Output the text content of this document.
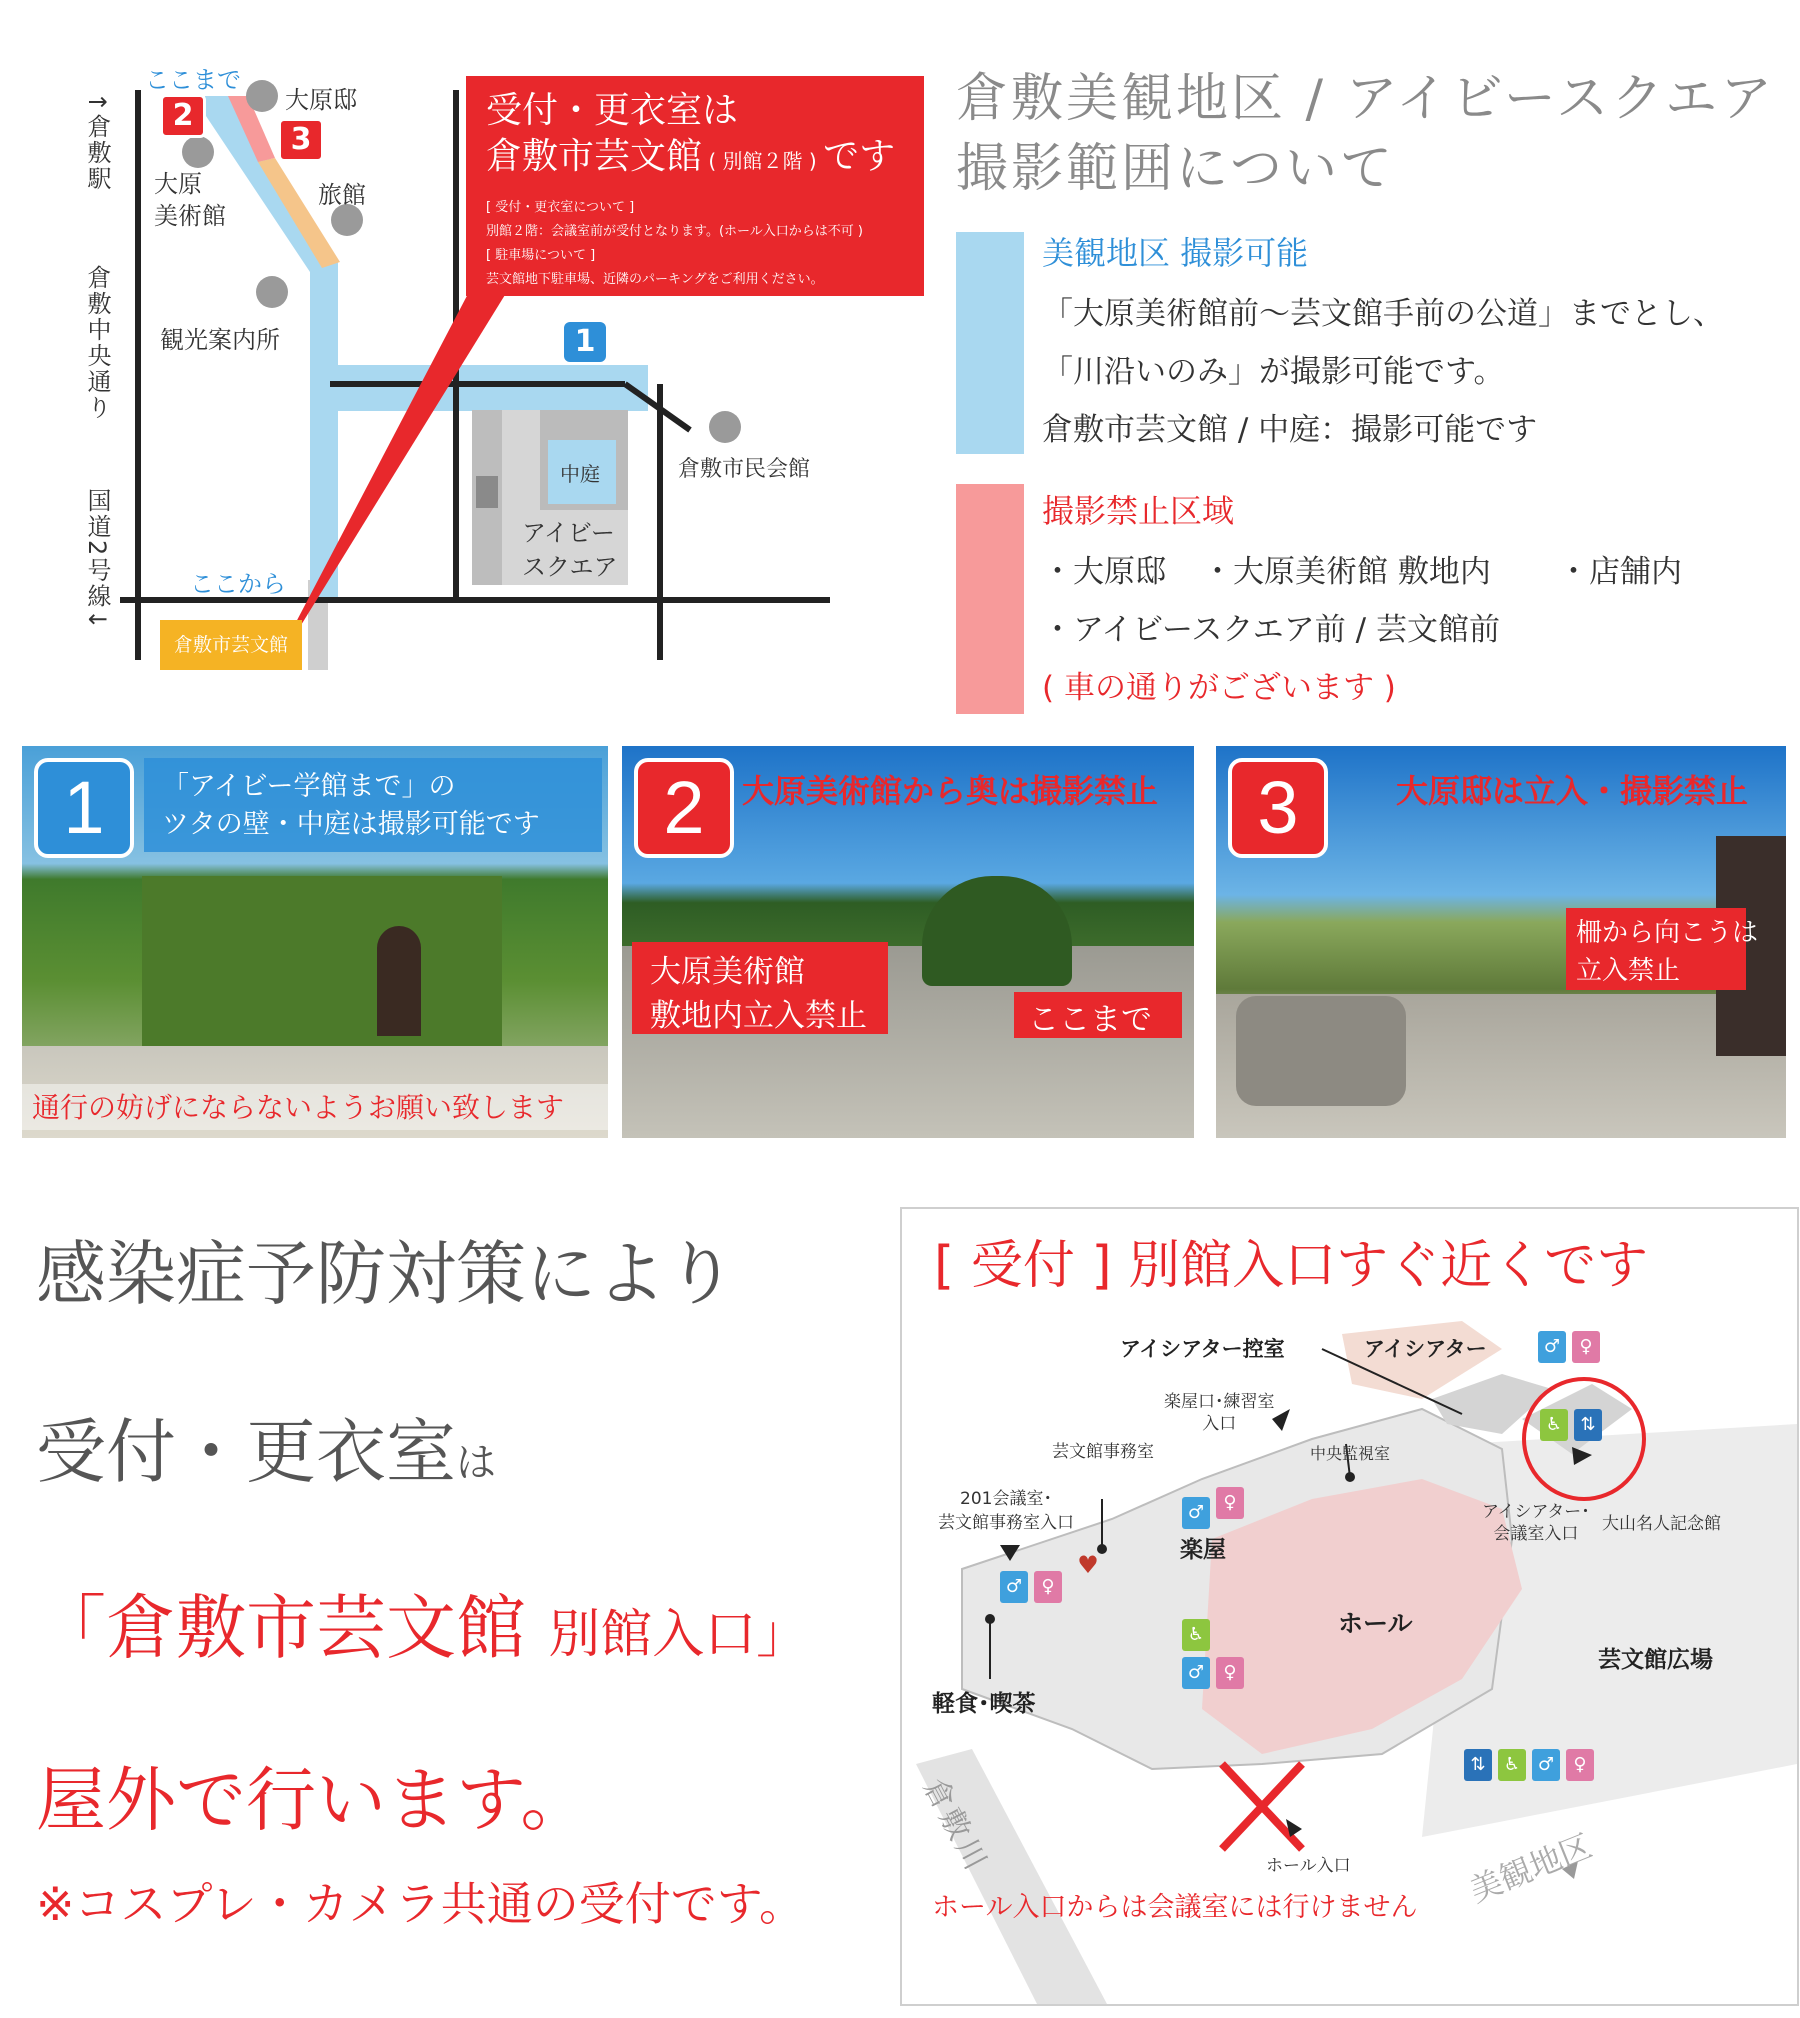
ここまで
2
3
1
大原邸
大原
美術館
旅館
観光案内所
倉敷市民会館
中庭
アイビー
スクエア
ここから
倉敷市芸文館
↑倉敷駅
倉敷中央通り
国道2号線↓
受付・更衣室は
倉敷市芸文館 ( 別館２階 ) です
[ 受付・更衣室について ]
別館２階：会議室前が受付となります。(ホール入口からは不可 )
[ 駐車場について ]
芸文館地下駐車場、近隣のパーキングをご利用ください。
倉敷美観地区 / アイビースクエア
撮影範囲について
美観地区 撮影可能
「大原美術館前〜芸文館手前の公道」までとし、
「川沿いのみ」が撮影可能です。
倉敷市芸文館 / 中庭：撮影可能です
撮影禁止区域
・大原邸 ・大原美術館 敷地内 ・店舗内
・アイビースクエア前 / 芸文館前
( 車の通りがございます )
「アイビー学館まで」の
ツタの壁・中庭は撮影可能です
1
通行の妨げにならないようお願い致します
2	大原美術館から奥は撮影禁止
大原美術館
敷地内立入禁止	ここまで
3	大原邸は立入・撮影禁止
柵から向こうは
立入禁止
感染症予防対策により
受付・更衣室は
「倉敷市芸文館 別館入口」
屋外で行います。
※コスプレ・カメラ共通の受付です。
[ 受付 ] 別館入口すぐ近くです
アイシアター控室	アイシアター
楽屋口･練習室
入口
芸文館事務室	中央監視室
201会議室･
芸文館事務室入口
楽屋
ホール
アイシアター･
会議室入口	大山名人記念館
芸文館広場
軽食･喫茶
倉敷川	ホール入口	美観地区
ホール入口からは会議室には行けません
♂	♀
♿	⇅
♂	♀
♂	♀
♥
♿
♂	♀
⇅	♿ ♂	♀
